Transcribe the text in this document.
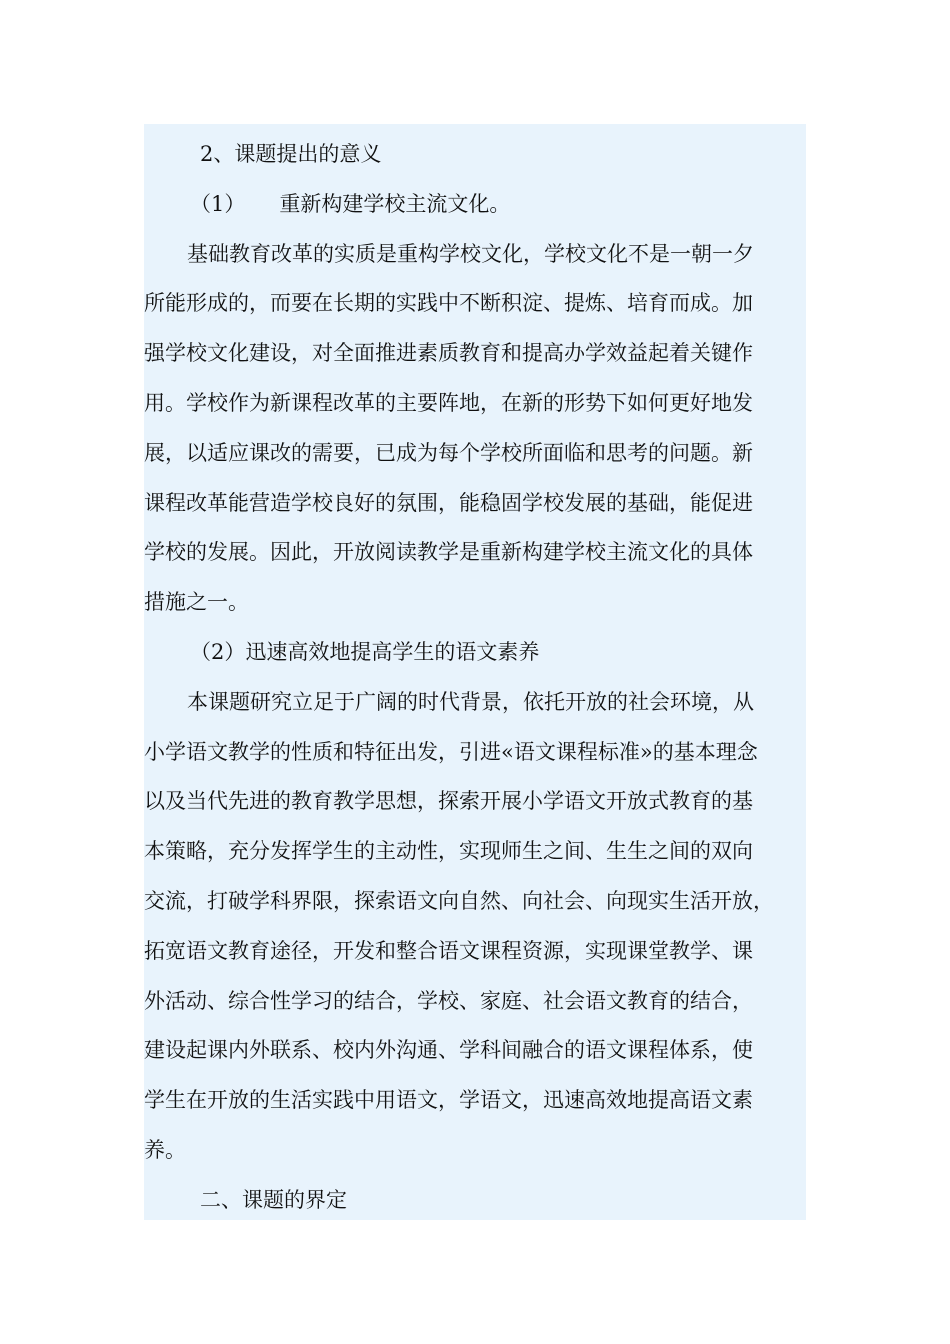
2、课题提出的意义
（1） 重新构建学校主流文化。
基础教育改革的实质是重构学校文化，学校文化不是一朝一夕
所能形成的，而要在长期的实践中不断积淀、提炼、培育而成。加
强学校文化建设，对全面推进素质教育和提高办学效益起着关键作
用。学校作为新课程改革的主要阵地，在新的形势下如何更好地发
展，以适应课改的需要，已成为每个学校所面临和思考的问题。新
课程改革能营造学校良好的氛围，能稳固学校发展的基础，能促进
学校的发展。因此，开放阅读教学是重新构建学校主流文化的具体
措施之一。
（2）迅速高效地提高学生的语文素养
本课题研究立足于广阔的时代背景，依托开放的社会环境，从
小学语文教学的性质和特征出发，引进«语文课程标准»的基本理念
以及当代先进的教育教学思想，探索开展小学语文开放式教育的基
本策略，充分发挥学生的主动性，实现师生之间、生生之间的双向
交流，打破学科界限，探索语文向自然、向社会、向现实生活开放，
拓宽语文教育途径，开发和整合语文课程资源，实现课堂教学、课
外活动、综合性学习的结合，学校、家庭、社会语文教育的结合，
建设起课内外联系、校内外沟通、学科间融合的语文课程体系，使
学生在开放的生活实践中用语文，学语文，迅速高效地提高语文素
养。
二、课题的界定
